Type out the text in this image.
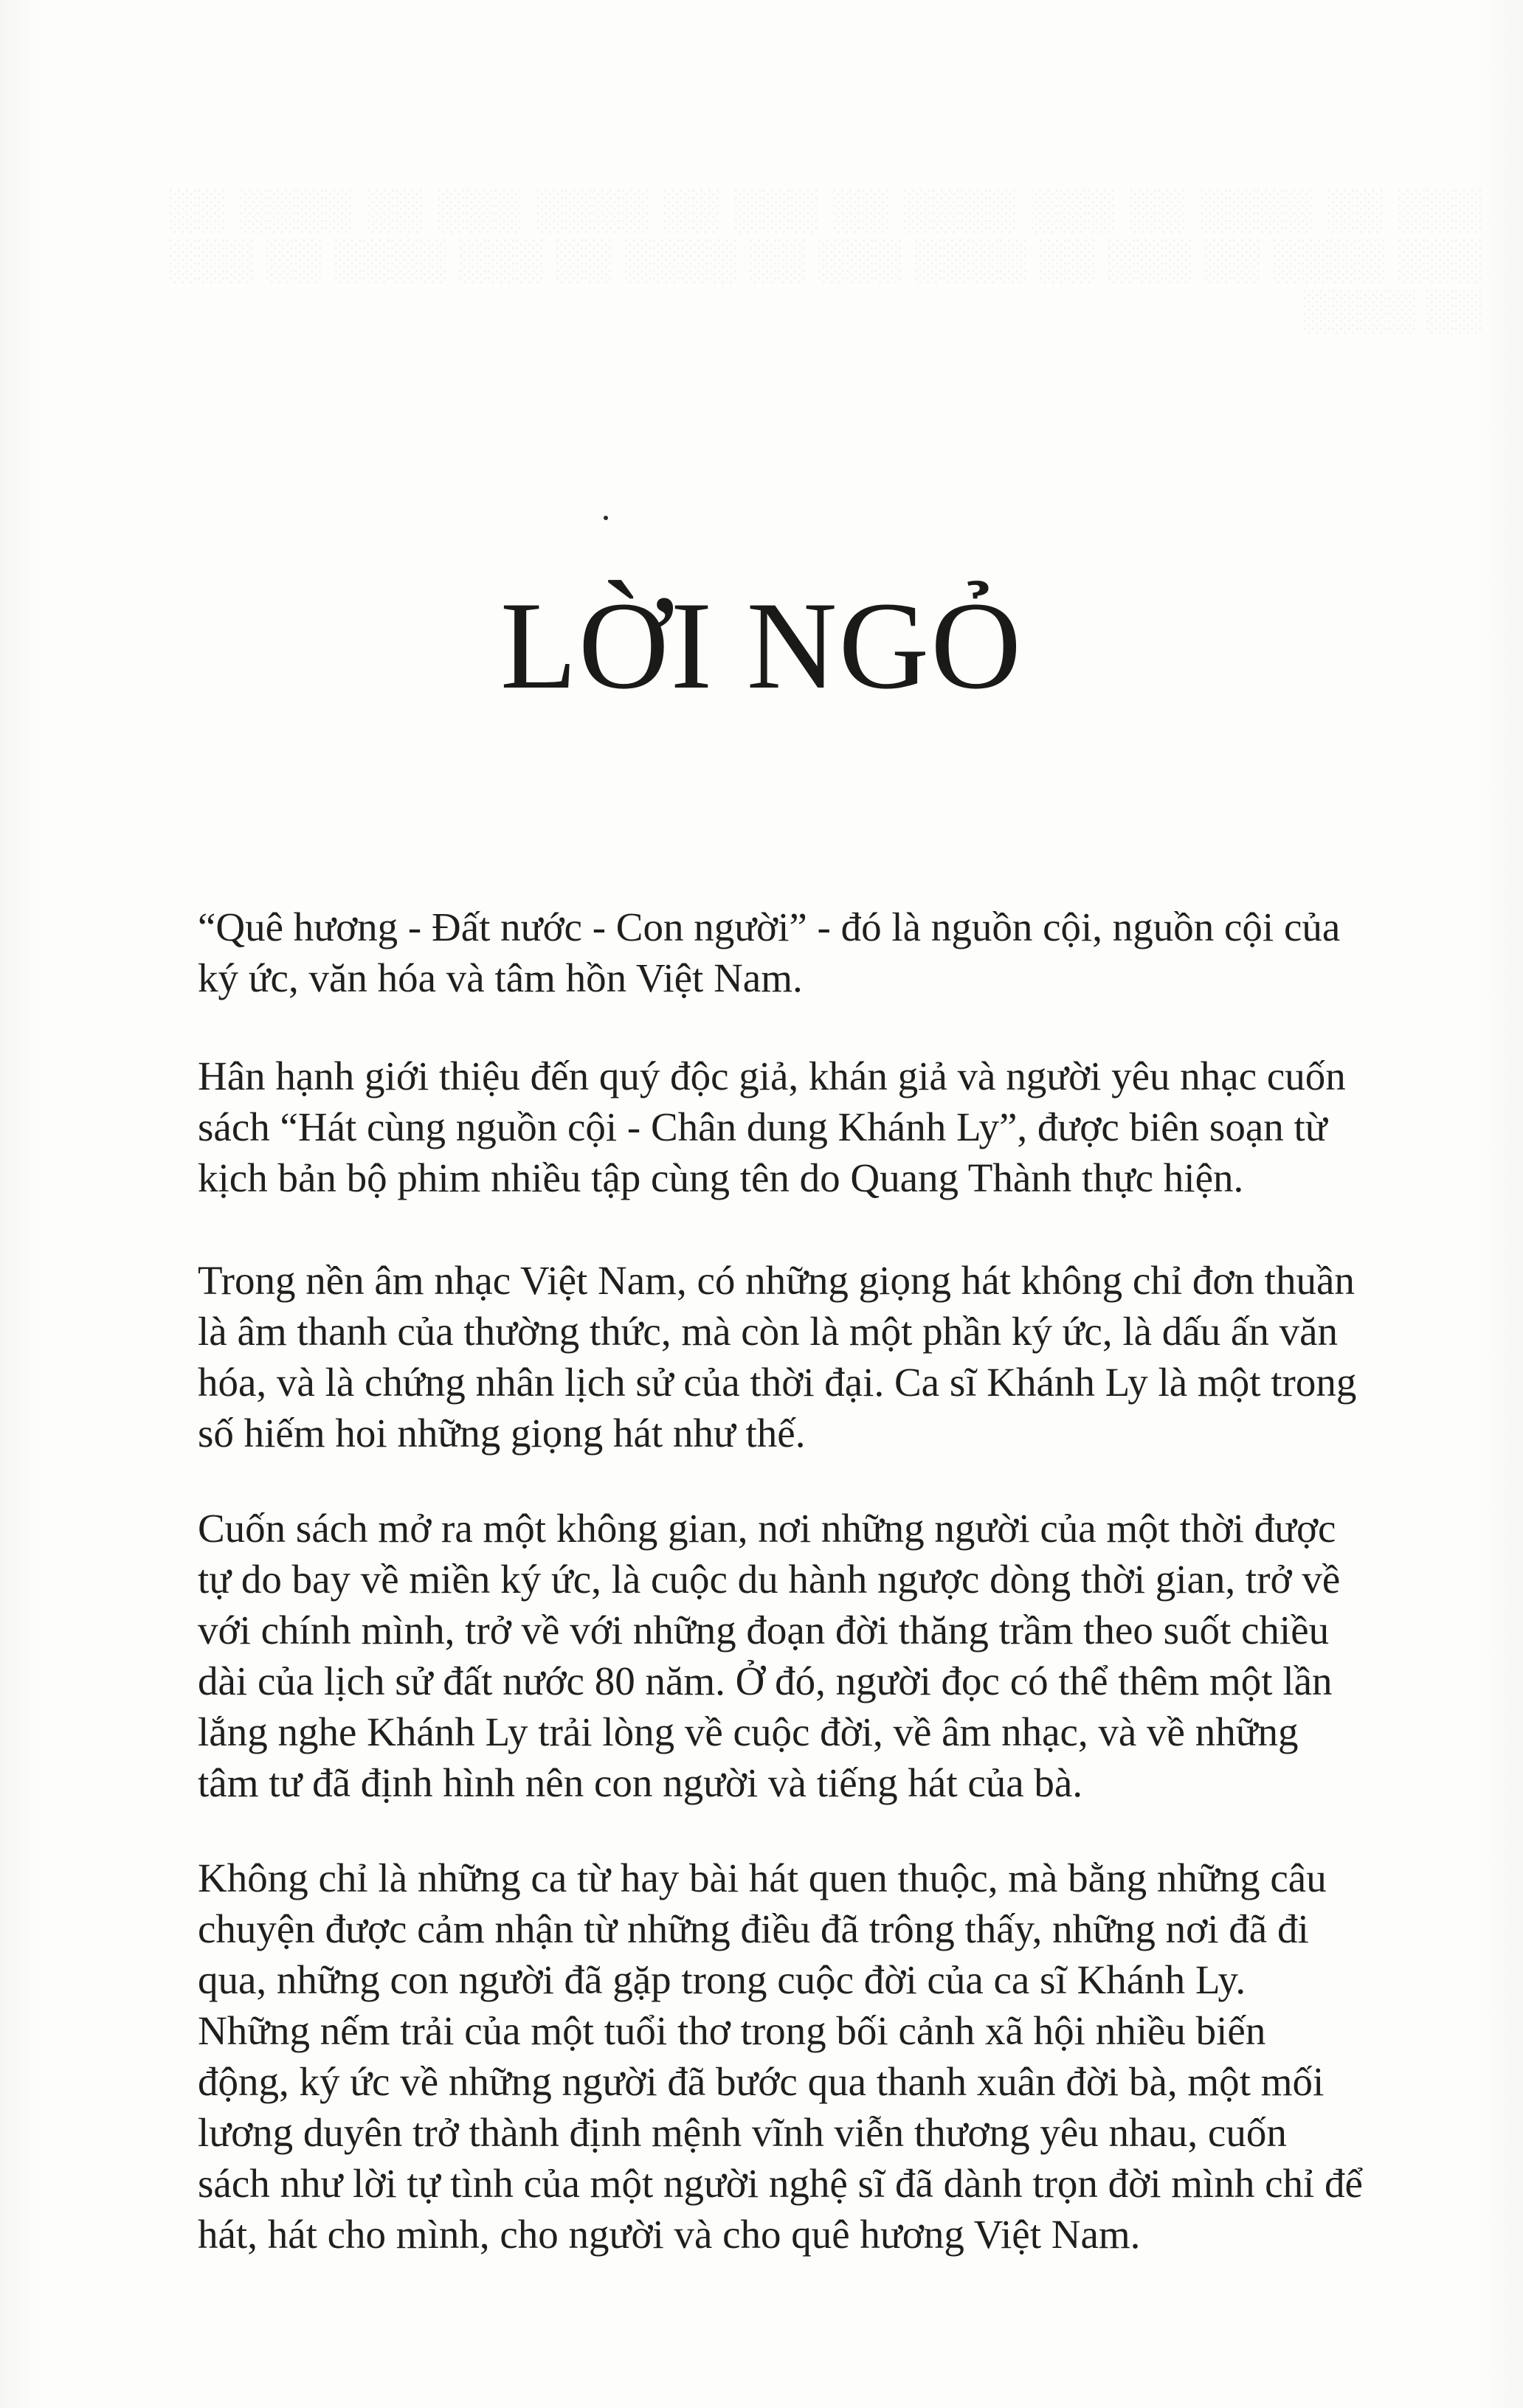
░░░ ░░ ░░░░ ░░ ░░░ ░░░░ ░░ ░░░ ░░ ░░░░ ░░░ ░░ ░░░░ ░░ ░░░ ░░░░ ░░ ░░░ ░░ ░░░░ ░░░ ░░ ░░░░ ░░ ░░░ ░░░░ ░░ ░░░ ░░ ░░░░
LỜI NGỎ

“Quê hương - Đất nước - Con người” - đó là nguồn cội, nguồn cội của ký ức, văn hóa và tâm hồn Việt Nam.

Hân hạnh giới thiệu đến quý độc giả, khán giả và người yêu nhạc cuốn sách “Hát cùng nguồn cội - Chân dung Khánh Ly”, được biên soạn từ kịch bản bộ phim nhiều tập cùng tên do Quang Thành thực hiện.

Trong nền âm nhạc Việt Nam, có những giọng hát không chỉ đơn thuần là âm thanh của thường thức, mà còn là một phần ký ức, là dấu ấn văn hóa, và là chứng nhân lịch sử của thời đại. Ca sĩ Khánh Ly là một trong số hiếm hoi những giọng hát như thế.

Cuốn sách mở ra một không gian, nơi những người của một thời được tự do bay về miền ký ức, là cuộc du hành ngược dòng thời gian, trở về với chính mình, trở về với những đoạn đời thăng trầm theo suốt chiều dài của lịch sử đất nước 80 năm. Ở đó, người đọc có thể thêm một lần lắng nghe Khánh Ly trải lòng về cuộc đời, về âm nhạc, và về những tâm tư đã định hình nên con người và tiếng hát của bà.

Không chỉ là những ca từ hay bài hát quen thuộc, mà bằng những câu chuyện được cảm nhận từ những điều đã trông thấy, những nơi đã đi qua, những con người đã gặp trong cuộc đời của ca sĩ Khánh Ly. Những nếm trải của một tuổi thơ trong bối cảnh xã hội nhiều biến động, ký ức về những người đã bước qua thanh xuân đời bà, một mối lương duyên trở thành định mệnh vĩnh viễn thương yêu nhau, cuốn sách như lời tự tình của một người nghệ sĩ đã dành trọn đời mình chỉ để hát, hát cho mình, cho người và cho quê hương Việt Nam.
